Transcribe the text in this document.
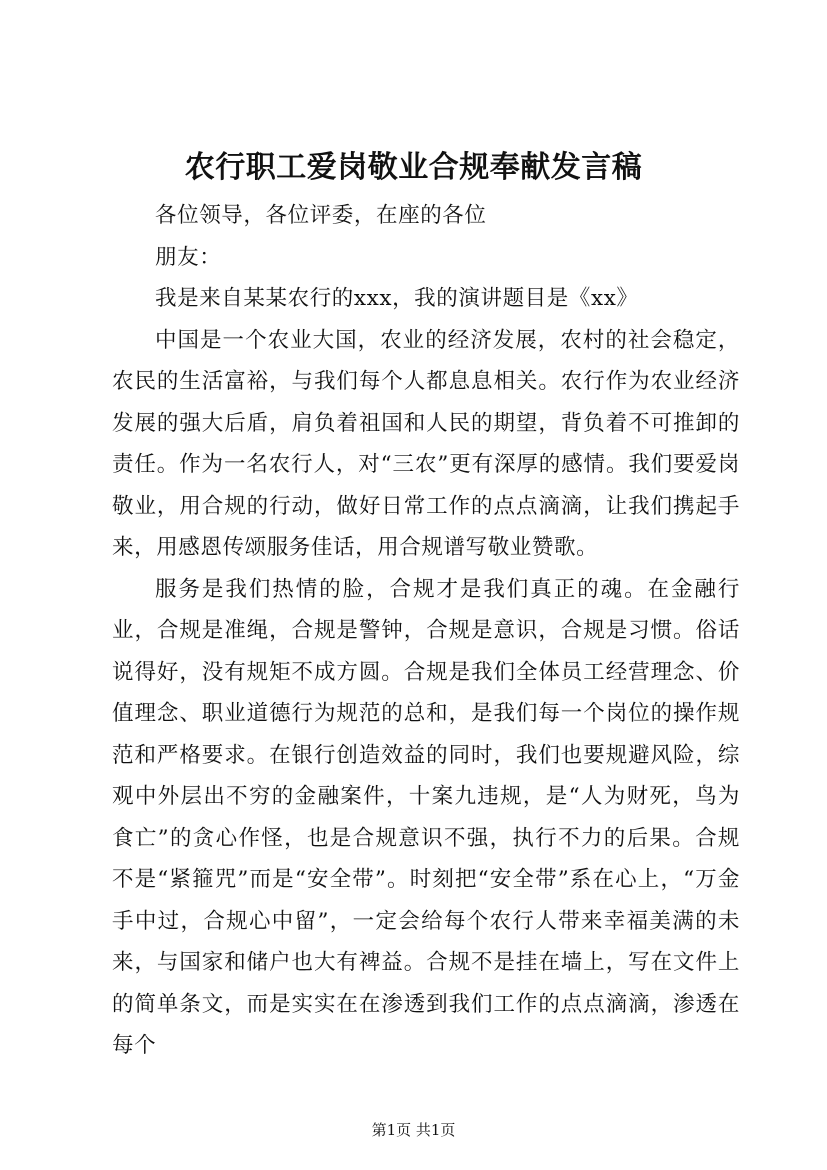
农行职工爱岗敬业合规奉献发言稿

各位领导，各位评委，在座的各位

朋友：

我是来自某某农行的xxx，我的演讲题目是《xx》

中国是一个农业大国，农业的经济发展，农村的社会稳定，农民的生活富裕，与我们每个人都息息相关。农行作为农业经济发展的强大后盾，肩负着祖国和人民的期望，背负着不可推卸的责任。作为一名农行人，对“三农”更有深厚的感情。我们要爱岗敬业，用合规的行动，做好日常工作的点点滴滴，让我们携起手来，用感恩传颂服务佳话，用合规谱写敬业赞歌。

服务是我们热情的脸，合规才是我们真正的魂。在金融行业，合规是准绳，合规是警钟，合规是意识，合规是习惯。俗话说得好，没有规矩不成方圆。合规是我们全体员工经营理念、价值理念、职业道德行为规范的总和，是我们每一个岗位的操作规范和严格要求。在银行创造效益的同时，我们也要规避风险，综观中外层出不穷的金融案件，十案九违规，是“人为财死，鸟为食亡”的贪心作怪，也是合规意识不强，执行不力的后果。合规不是“紧箍咒”而是“安全带”。时刻把“安全带”系在心上，“万金手中过，合规心中留”，一定会给每个农行人带来幸福美满的未来，与国家和储户也大有裨益。合规不是挂在墙上，写在文件上的简单条文，而是实实在在渗透到我们工作的点点滴滴，渗透在每个

第1页 共1页
